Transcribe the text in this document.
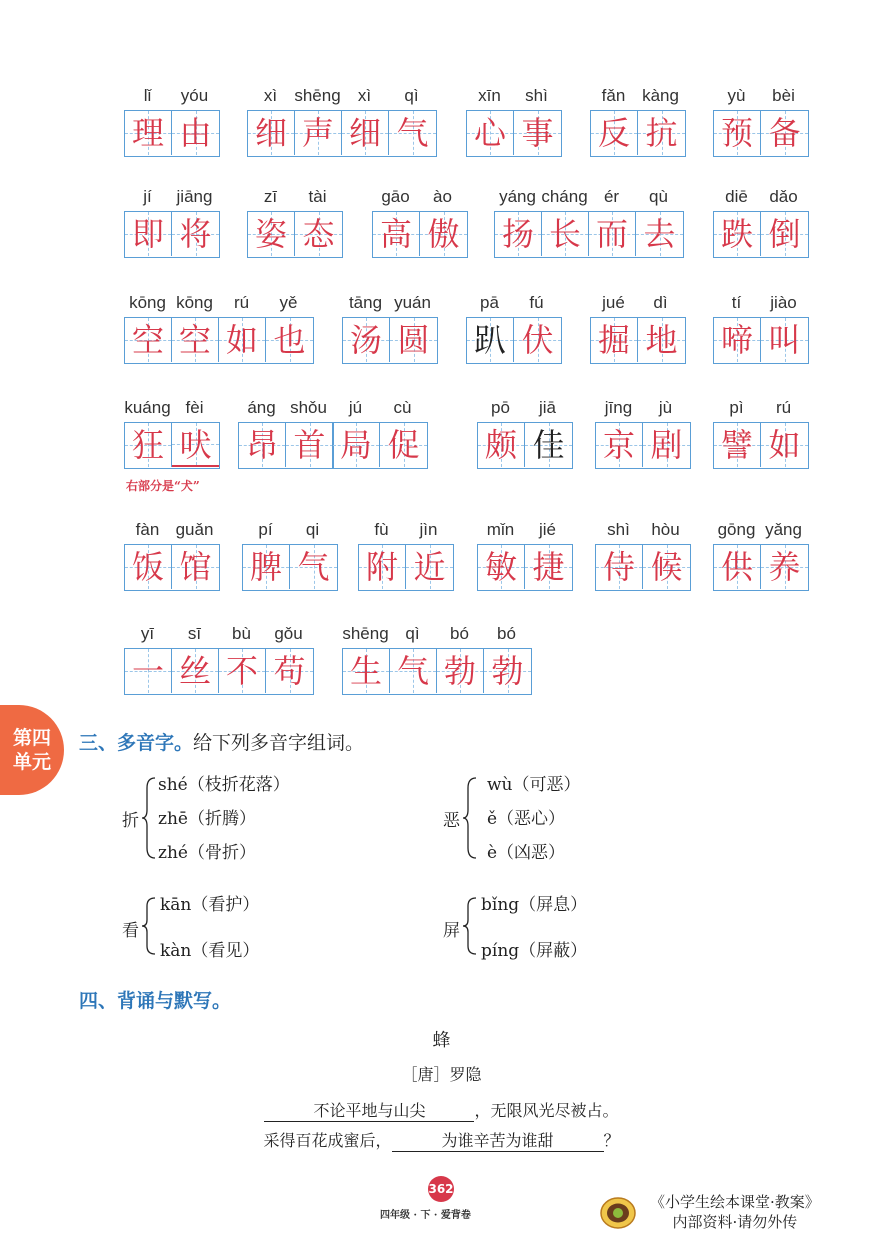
lǐ	yóu
理 由
xì	shēng	xì	qì
细 声 细 气
xīn	shì
心 事
fǎn kàng
反 抗
yù	bèi
预 备
jí	jiāng
即 将
zī	tài
姿 态
gāo	ào
高 傲
yáng cháng ér	qù
扬 长 而 去
diē	dǎo
跌 倒
kōng kōng	rú	yě
空 空 如 也
tāng yuán
汤 圆
pā	fú
趴 伏
jué	dì
掘 地
tí	jiào
啼 叫
kuáng fèi
狂 吠
áng shǒu
昂 首
jú	cù
局 促
pō	jiā
颇 佳
jīng	jù
京 剧
pì	rú
譬 如
fàn guǎn
饭 馆
pí	qi
脾 气
fù	jìn
附 近
mǐn	jié
敏 捷
shì	hòu
侍 候
gōng yǎng
供 养
yī	sī	bù	gǒu
一 丝 不 苟
shēng qì	bó	bó
生 气 勃 勃
右部分是“犬”
第四
单元
三、多音字。给下列多音字组词。
折
shé（枝折花落）
zhē（折腾）
zhé（骨折）
恶
wù（可恶）
ě（恶心）
è（凶恶）
看
kān（看护）
kàn（看见）
屏
bǐng（屏息）
píng（屏蔽）
四、背诵与默写。
蜂
［唐］罗隐
不论平地与山尖	，无限风光尽被占。
采得百花成蜜后，	为谁辛苦为谁甜	？
362
四年级 · 下 · 爱背卷
《小学生绘本课堂·教案》
内部资料·请勿外传
